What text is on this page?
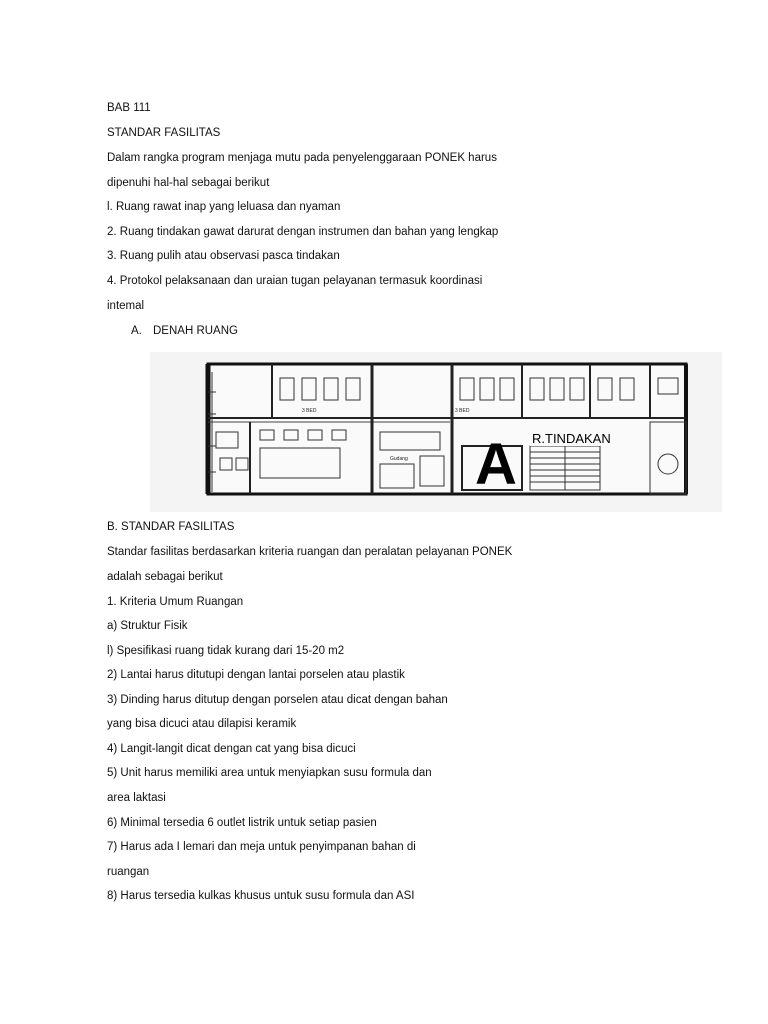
BAB 111
STANDAR FASILITAS
Dalam rangka program menjaga mutu pada penyelenggaraan PONEK harus
dipenuhi hal-hal sebagai berikut
l. Ruang rawat inap yang leluasa dan nyaman
2. Ruang tindakan gawat darurat dengan instrumen dan bahan yang lengkap
3. Ruang pulih atau observasi pasca tindakan
4. Protokol pelaksanaan dan uraian tugan pelayanan termasuk koordinasi
intemal
A. DENAH RUANG
3 BED	3 BED
Gudang A R.TINDAKAN
B. STANDAR FASILITAS
Standar fasilitas berdasarkan kriteria ruangan dan peralatan pelayanan PONEK
adalah sebagai berikut
1. Kriteria Umum Ruangan
a) Struktur Fisik
l) Spesifikasi ruang tidak kurang dari 15-20 m2
2) Lantai harus ditutupi dengan lantai porselen atau plastik
3) Dinding harus ditutup dengan porselen atau dicat dengan bahan
yang bisa dicuci atau dilapisi keramik
4) Langit-langit dicat dengan cat yang bisa dicuci
5) Unit harus memiliki area untuk menyiapkan susu formula dan
area laktasi
6) Minimal tersedia 6 outlet listrik untuk setiap pasien
7) Harus ada I lemari dan meja untuk penyimpanan bahan di
ruangan
8) Harus tersedia kulkas khusus untuk susu formula dan ASI
